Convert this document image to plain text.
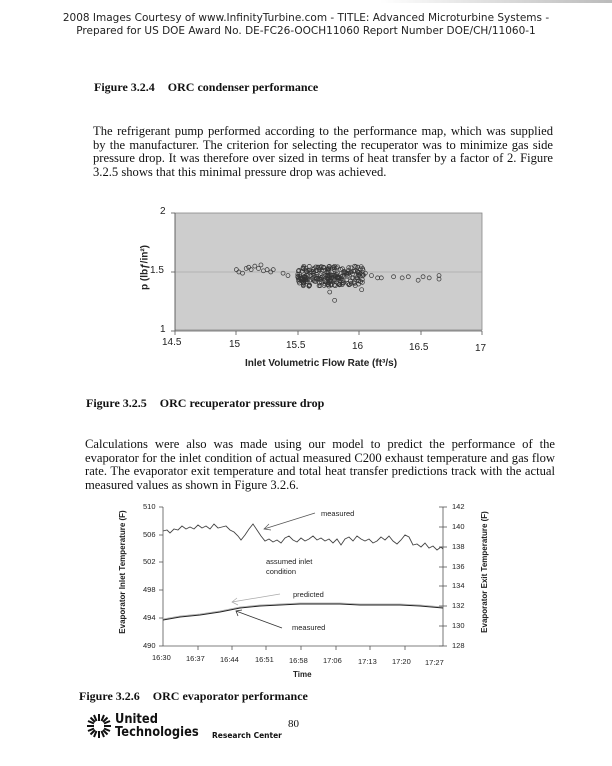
2008 Images Courtesy of www.InfinityTurbine.com - TITLE: Advanced Microturbine Systems -
Prepared for US DOE Award No. DE-FC26-OOCH11060 Report Number DOE/CH/11060-1
Figure 3.2.4 ORC condenser performance
The refrigerant pump performed according to the performance map, which was supplied by the manufacturer. The criterion for selecting the recuperator was to minimize gas side pressure drop. It was therefore over sized in terms of heat transfer by a factor of 2. Figure 3.2.5 shows that this minimal pressure drop was achieved.
2
1.5
1
14.5	15	15.5	16	16.5	17
Inlet Volumetric Flow Rate (ft³/s)
p (lbƒ/in²)
Figure 3.2.5 ORC recuperator pressure drop
Calculations were also was made using our model to predict the performance of the evaporator for the inlet condition of actual measured C200 exhaust temperature and gas flow rate. The evaporator exit temperature and total heat transfer predictions track with the actual measured values as shown in Figure 3.2.6.
510
506
502
498
494
490
142
140
138
136
134
132
130
128
16:30 16:37 16:44 16:51 16:58 17:06 17:13 17:20 17:27
Time
Evaporator Inlet Temperature (F)	Evaporator Exit Temperature (F)
measured
assumed inlet condition
predicted
measured
Figure 3.2.6 ORC evaporator performance
United
Technologies Research Center
80
